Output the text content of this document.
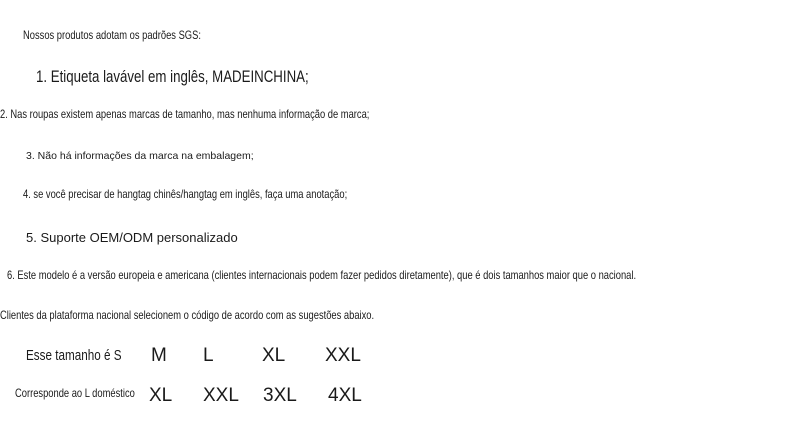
Nossos produtos adotam os padrões SGS:
1. Etiqueta lavável em inglês, MADEINCHINA;
2. Nas roupas existem apenas marcas de tamanho, mas nenhuma informação de marca;
3. Não há informações da marca na embalagem;
4. se você precisar de hangtag chinês/hangtag em inglês, faça uma anotação;
5. Suporte OEM/ODM personalizado
6. Este modelo é a versão europeia e americana (clientes internacionais podem fazer pedidos diretamente), que é dois tamanhos maior que o nacional.
Clientes da plataforma nacional selecionem o código de acordo com as sugestões abaixo.
Esse tamanho é S M L	XL XXL
Corresponde ao L doméstico XL XXL 3XL 4XL
